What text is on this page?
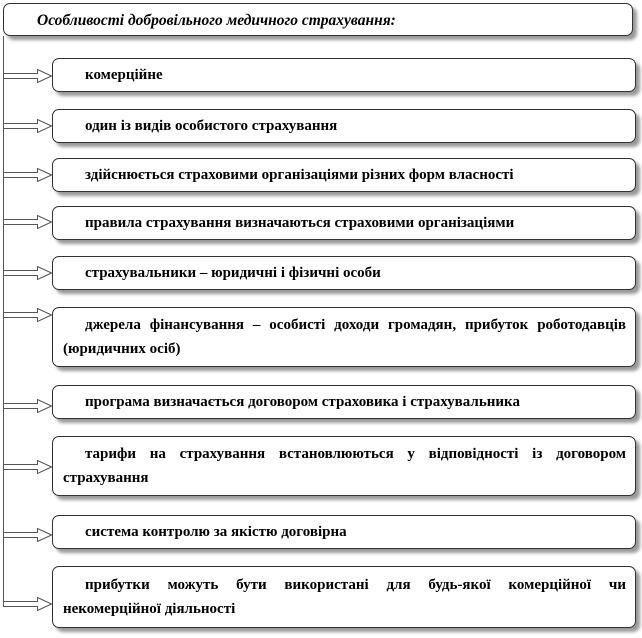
Особливості добровільного медичного страхування:
комерційне
один із видів особистого страхування
здійснюється страховими організаціями різних форм власності
правила страхування визначаються страховими організаціями
страхувальники – юридичні і фізичні особи
джерела фінансування – особисті доходи громадян, прибуток роботодавців (юридичних осіб)
програма визначається договором страховика і страхувальника
тарифи на страхування встановлюються у відповідності із договором страхування
система контролю за якістю договірна
прибутки можуть бути використані для будь-якої комерційної чи некомерційної діяльності
